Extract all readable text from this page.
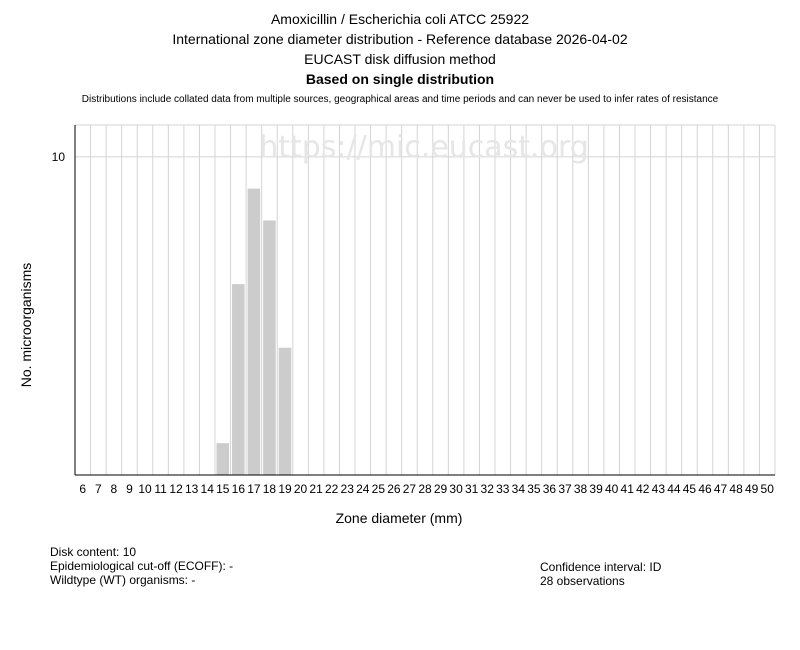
Amoxicillin / Escherichia coli ATCC 25922
International zone diameter distribution - Reference database 2026-04-02
EUCAST disk diffusion method
Based on single distribution
Distributions include collated data from multiple sources, geographical areas and time periods and can never be used to infer rates of resistance
10
6 7 8 9 10 11 12 13 14 15 16 17 18 19 20 21 22 23 24 25 26 27 28 29 30 31 32 33 34 35 36 37 38 39 40 41 42 43 44 45 46 47 48 49 50
https://mic.eucast.org
No. microorganisms
Zone diameter (mm)
Disk content: 10
Epidemiological cut-off (ECOFF): -
Wildtype (WT) organisms: -
Confidence interval: ID
28 observations
